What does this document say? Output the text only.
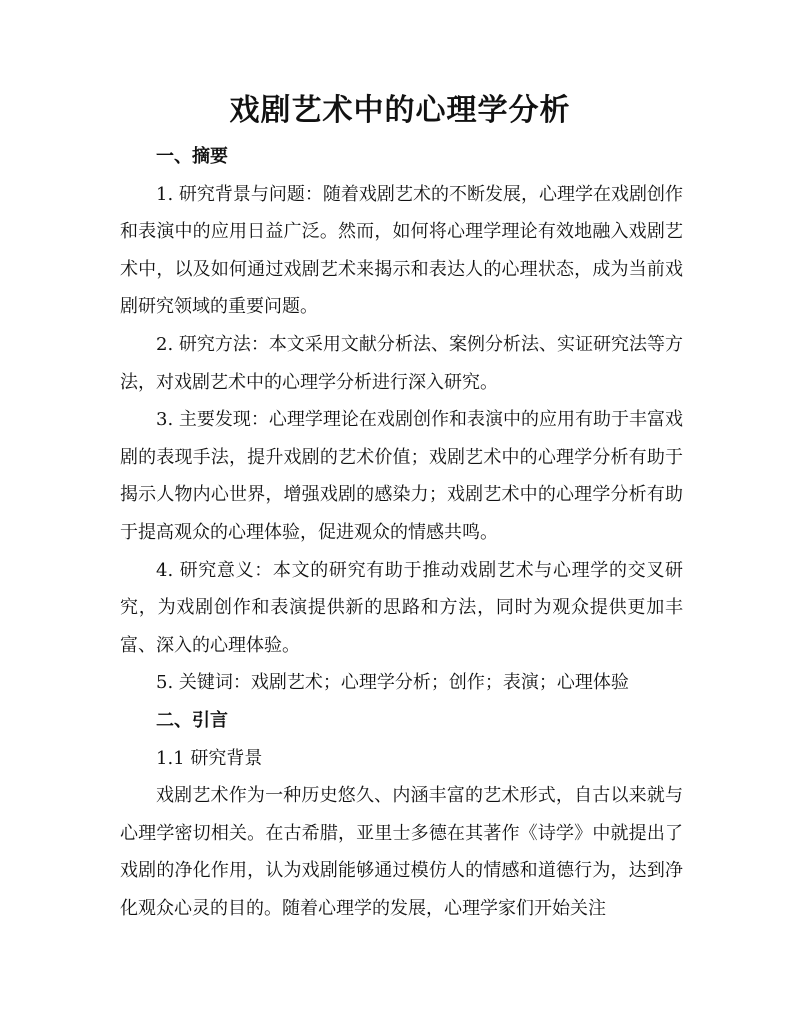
戏剧艺术中的心理学分析

一、摘要

1. 研究背景与问题：随着戏剧艺术的不断发展，心理学在戏剧创作和表演中的应用日益广泛。然而，如何将心理学理论有效地融入戏剧艺术中，以及如何通过戏剧艺术来揭示和表达人的心理状态，成为当前戏剧研究领域的重要问题。

2. 研究方法：本文采用文献分析法、案例分析法、实证研究法等方法，对戏剧艺术中的心理学分析进行深入研究。

3. 主要发现：心理学理论在戏剧创作和表演中的应用有助于丰富戏剧的表现手法，提升戏剧的艺术价值；戏剧艺术中的心理学分析有助于揭示人物内心世界，增强戏剧的感染力；戏剧艺术中的心理学分析有助于提高观众的心理体验，促进观众的情感共鸣。

4. 研究意义：本文的研究有助于推动戏剧艺术与心理学的交叉研究，为戏剧创作和表演提供新的思路和方法，同时为观众提供更加丰富、深入的心理体验。

5. 关键词：戏剧艺术；心理学分析；创作；表演；心理体验

二、引言

1.1 研究背景

戏剧艺术作为一种历史悠久、内涵丰富的艺术形式，自古以来就与心理学密切相关。在古希腊，亚里士多德在其著作《诗学》中就提出了戏剧的净化作用，认为戏剧能够通过模仿人的情感和道德行为，达到净化观众心灵的目的。随着心理学的发展，心理学家们开始关注
